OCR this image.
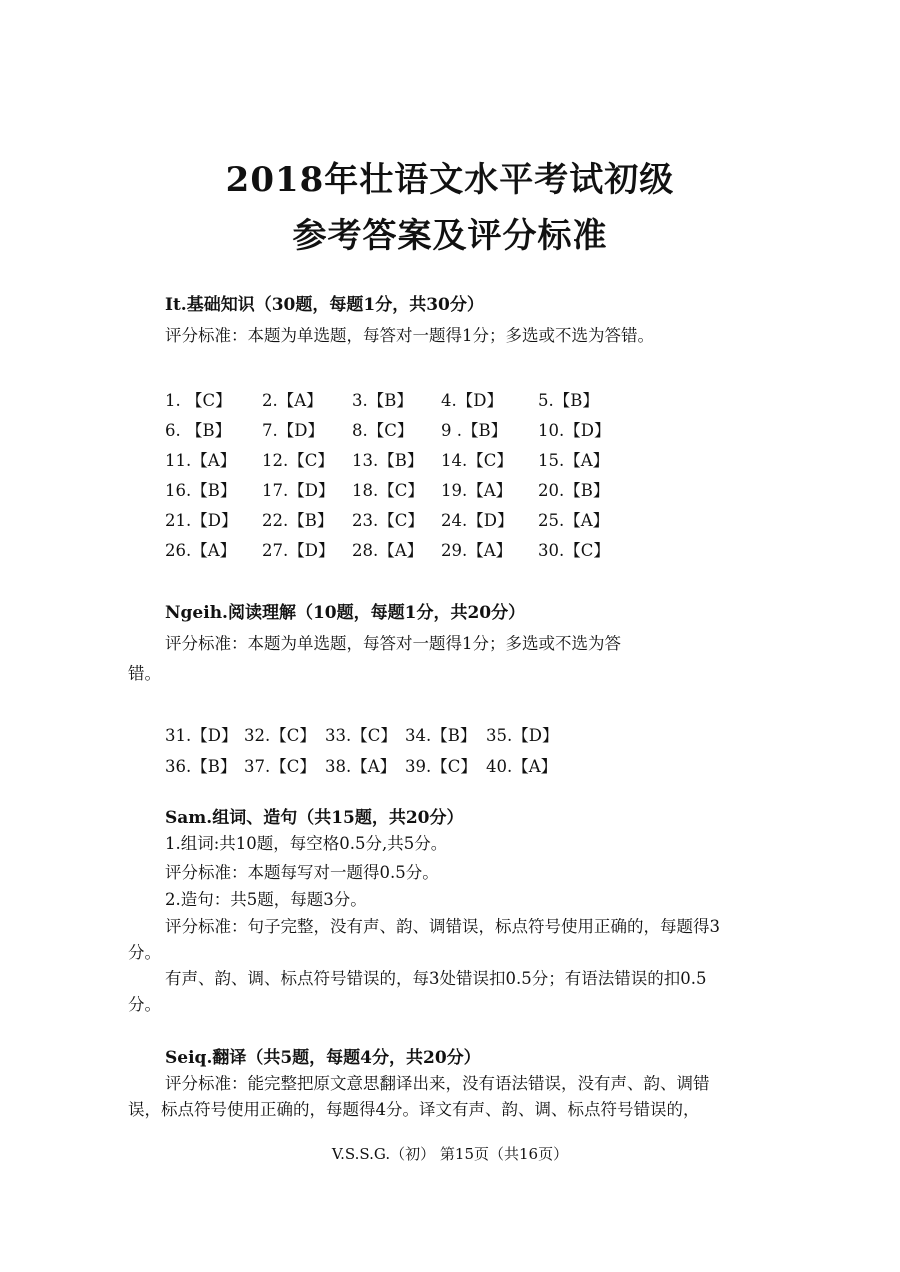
2018年壮语文水平考试初级
参考答案及评分标准
It.基础知识（30题，每题1分，共30分）
评分标准：本题为单选题，每答对一题得1分；多选或不选为答错。
1. 【C】 2.【A】 3.【B】 4.【D】 5.【B】
6. 【B】 7.【D】 8.【C】 9 .【B】 10.【D】
11.【A】 12.【C】 13.【B】 14.【C】 15.【A】
16.【B】 17.【D】 18.【C】 19.【A】 20.【B】
21.【D】 22.【B】 23.【C】 24.【D】 25.【A】
26.【A】 27.【D】 28.【A】 29.【A】 30.【C】
Ngeih.阅读理解（10题，每题1分，共20分）
评分标准：本题为单选题，每答对一题得1分；多选或不选为答
错。
31.【D】 32.【C】 33.【C】 34.【B】 35.【D】
36.【B】 37.【C】 38.【A】 39.【C】 40.【A】
Sam.组词、造句（共15题，共20分）
1.组词:共10题，每空格0.5分,共5分。
评分标准：本题每写对一题得0.5分。
2.造句：共5题，每题3分。
评分标准：句子完整，没有声、韵、调错误，标点符号使用正确的，每题得3
分。
有声、韵、调、标点符号错误的，每3处错误扣0.5分；有语法错误的扣0.5
分。
Seiq.翻译（共5题，每题4分，共20分）
评分标准：能完整把原文意思翻译出来，没有语法错误，没有声、韵、调错
误，标点符号使用正确的，每题得4分。译文有声、韵、调、标点符号错误的，
V.S.S.G.（初） 第15页（共16页）
